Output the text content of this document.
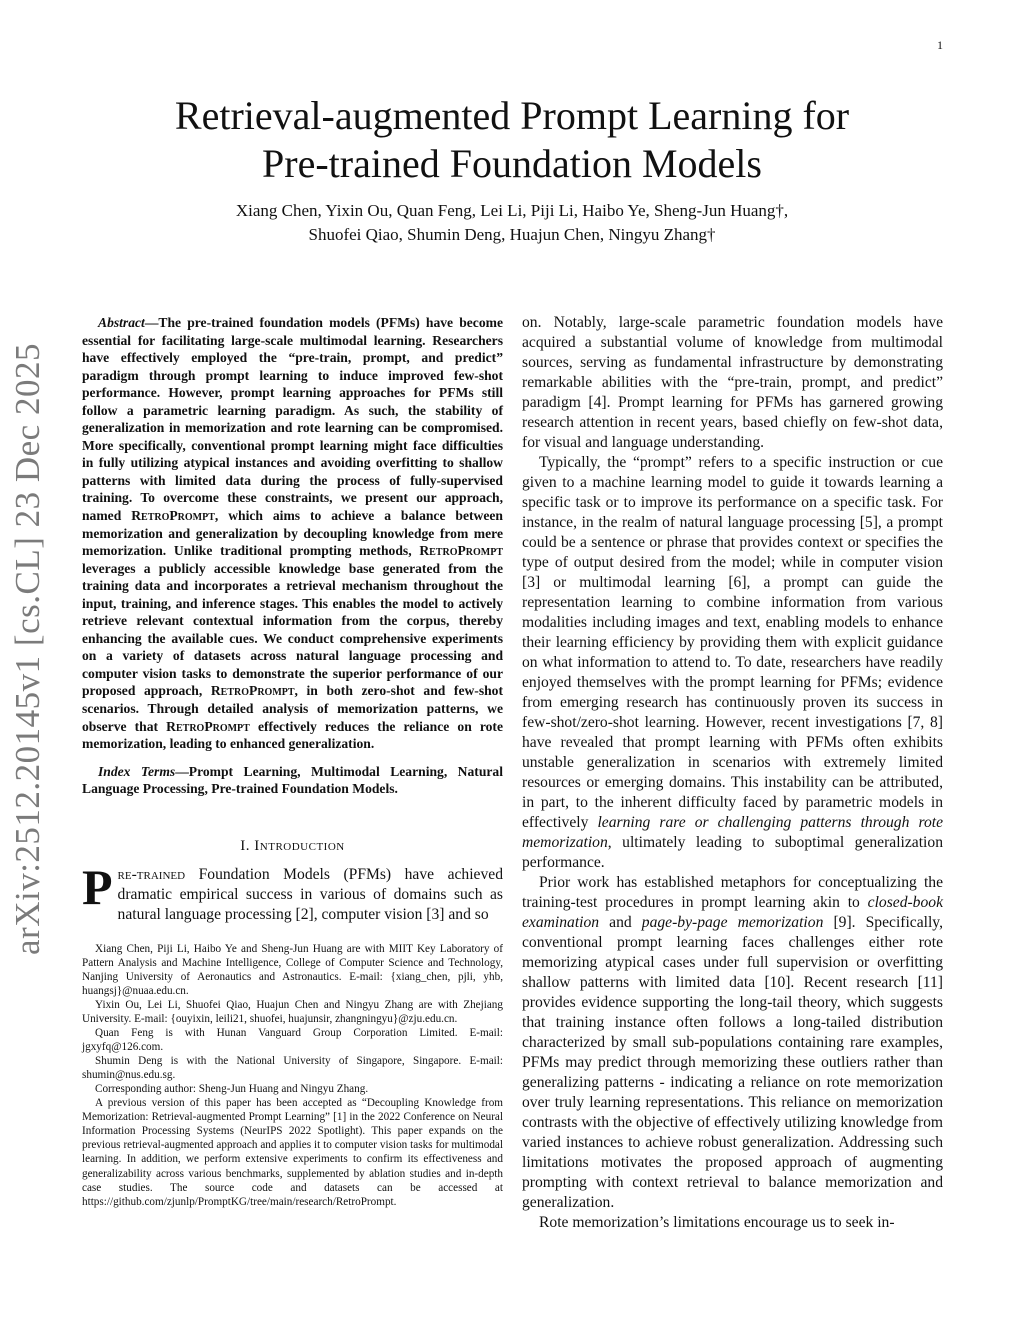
1
arXiv:2512.20145v1 [cs.CL] 23 Dec 2025
Retrieval-augmented Prompt Learning for
Pre-trained Foundation Models
Xiang Chen, Yixin Ou, Quan Feng, Lei Li, Piji Li, Haibo Ye, Sheng-Jun Huang†,
Shuofei Qiao, Shumin Deng, Huajun Chen, Ningyu Zhang†

Abstract—The pre-trained foundation models (PFMs) have become essential for facilitating large-scale multimodal learning. Researchers have effectively employed the “pre-train, prompt, and predict” paradigm through prompt learning to induce improved few-shot performance. However, prompt learning approaches for PFMs still follow a parametric learning paradigm. As such, the stability of generalization in memorization and rote learning can be compromised. More specifically, conventional prompt learning might face difficulties in fully utilizing atypical instances and avoiding overfitting to shallow patterns with limited data during the process of fully-supervised training. To overcome these constraints, we present our approach, named RetroPrompt, which aims to achieve a balance between memorization and generalization by decoupling knowledge from mere memorization. Unlike traditional prompting methods, RetroPrompt leverages a publicly accessible knowledge base generated from the training data and incorporates a retrieval mechanism throughout the input, training, and inference stages. This enables the model to actively retrieve relevant contextual information from the corpus, thereby enhancing the available cues. We conduct comprehensive experiments on a variety of datasets across natural language processing and computer vision tasks to demonstrate the superior performance of our proposed approach, RetroPrompt, in both zero-shot and few-shot scenarios. Through detailed analysis of memorization patterns, we observe that RetroPrompt effectively reduces the reliance on rote memorization, leading to enhanced generalization.

Index Terms—Prompt Learning, Multimodal Learning, Natural Language Processing, Pre-trained Foundation Models.

I. Introduction

Pre-trained Foundation Models (PFMs) have achieved dramatic empirical success in various of domains such as natural language processing [2], computer vision [3] and so

Xiang Chen, Piji Li, Haibo Ye and Sheng-Jun Huang are with MIIT Key Laboratory of Pattern Analysis and Machine Intelligence, College of Computer Science and Technology, Nanjing University of Aeronautics and Astronautics. E-mail: {xiang_chen, pjli, yhb, huangsj}@nuaa.edu.cn.

Yixin Ou, Lei Li, Shuofei Qiao, Huajun Chen and Ningyu Zhang are with Zhejiang University. E-mail: {ouyixin, leili21, shuofei, huajunsir, zhangningyu}@zju.edu.cn.

Quan Feng is with Hunan Vanguard Group Corporation Limited. E-mail: jgxyfq@126.com.

Shumin Deng is with the National University of Singapore, Singapore. E-mail: shumin@nus.edu.sg.

Corresponding author: Sheng-Jun Huang and Ningyu Zhang.

A previous version of this paper has been accepted as “Decoupling Knowledge from Memorization: Retrieval-augmented Prompt Learning” [1] in the 2022 Conference on Neural Information Processing Systems (NeurIPS 2022 Spotlight). This paper expands on the previous retrieval-augmented approach and applies it to computer vision tasks for multimodal learning. In addition, we perform extensive experiments to confirm its effectiveness and generalizability across various benchmarks, supplemented by ablation studies and in-depth case studies. The source code and datasets can be accessed at https://github.com/zjunlp/PromptKG/tree/main/research/RetroPrompt.

on. Notably, large-scale parametric foundation models have acquired a substantial volume of knowledge from multimodal sources, serving as fundamental infrastructure by demonstrating remarkable abilities with the “pre-train, prompt, and predict” paradigm [4]. Prompt learning for PFMs has garnered growing research attention in recent years, based chiefly on few-shot data, for visual and language understanding.

Typically, the “prompt” refers to a specific instruction or cue given to a machine learning model to guide it towards learning a specific task or to improve its performance on a specific task. For instance, in the realm of natural language processing [5], a prompt could be a sentence or phrase that provides context or specifies the type of output desired from the model; while in computer vision [3] or multimodal learning [6], a prompt can guide the representation learning to combine information from various modalities including images and text, enabling models to enhance their learning efficiency by providing them with explicit guidance on what information to attend to. To date, researchers have readily enjoyed themselves with the prompt learning for PFMs; evidence from emerging research has continuously proven its success in few-shot/zero-shot learning. However, recent investigations [7, 8] have revealed that prompt learning with PFMs often exhibits unstable generalization in scenarios with extremely limited resources or emerging domains. This instability can be attributed, in part, to the inherent difficulty faced by parametric models in effectively learning rare or challenging patterns through rote memorization, ultimately leading to suboptimal generalization performance.

Prior work has established metaphors for conceptualizing the training-test procedures in prompt learning akin to closed-book examination and page-by-page memorization [9]. Specifically, conventional prompt learning faces challenges either rote memorizing atypical cases under full supervision or overfitting shallow patterns with limited data [10]. Recent research [11] provides evidence supporting the long-tail theory, which suggests that training instance often follows a long-tailed distribution characterized by small sub-populations containing rare examples, PFMs may predict through memorizing these outliers rather than generalizing patterns - indicating a reliance on rote memorization over truly learning representations. This reliance on memorization contrasts with the objective of effectively utilizing knowledge from varied instances to achieve robust generalization. Addressing such limitations motivates the proposed approach of augmenting prompting with context retrieval to balance memorization and generalization.

Rote memorization’s limitations encourage us to seek in-
